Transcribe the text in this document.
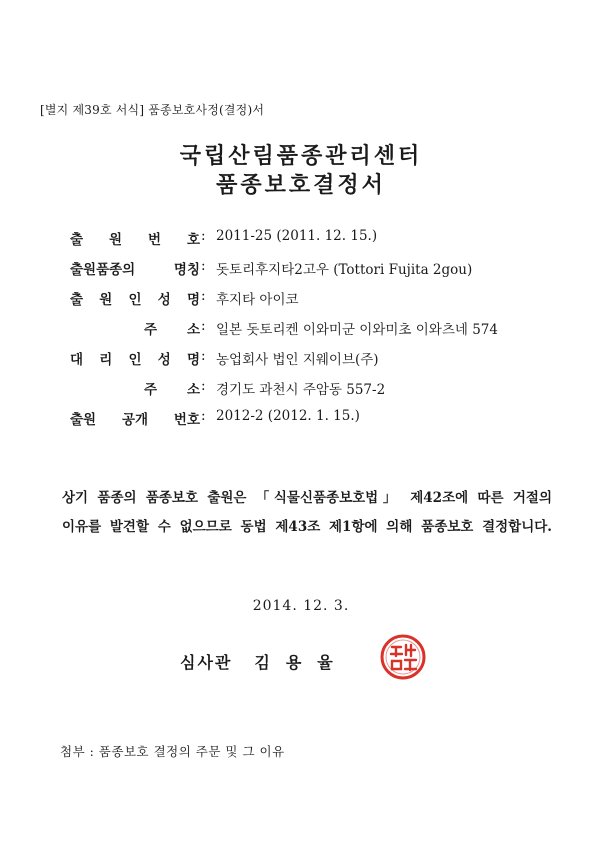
[별지 제39호 서식] 품종보호사정(결정)서
국립산림품종관리센터
품종보호결정서
출 원 번 호 : 2011-25 (2011. 12. 15.)
출원품종의 명칭 : 돗토리후지타2고우 (Tottori Fujita 2gou)
출 원 인 성 명 : 후지타 아이코
주 소 : 일본 돗토리켄 이와미군 이와미초 이와츠네 574
대 리 인 성 명 : 농업회사 법인 지웨이브(주)
주 소 : 경기도 과천시 주암동 557-2
출원 공개 번호 : 2012-2 (2012. 1. 15.)
상기 품종의 품종보호 출원은 「식물신품종보호법」 제42조에 따른 거절의
이유를 발견할 수 없으므로 동법 제43조 제1항에 의해 품종보호 결정합니다.
2014. 12. 3.
심사관 김용율
첨부 : 품종보호 결정의 주문 및 그 이유
